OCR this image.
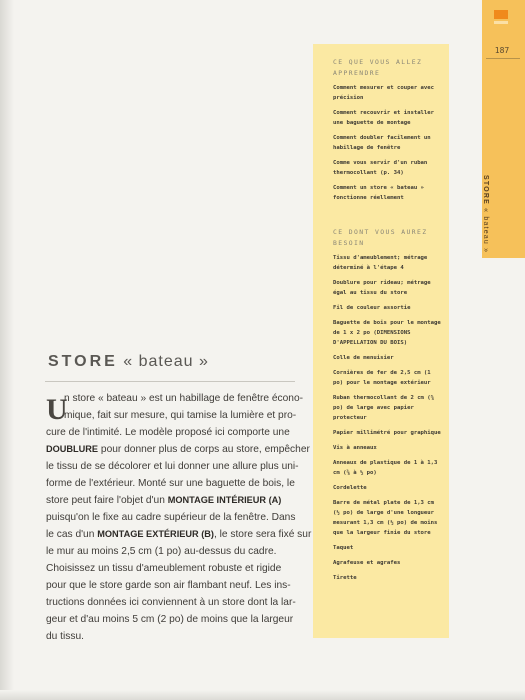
187
STORE « bateau »
CE QUE VOUS ALLEZ APPRENDRE
Comment mesurer et couper avec précision
Comment recouvrir et installer une baguette de montage
Comment doubler facilement un habillage de fenêtre
Comme vous servir d'un ruban thermocollant (p. 34)
Comment un store « bateau » fonctionne réellement
CE DONT VOUS AUREZ BESOIN
Tissu d'ameublement; métrage déterminé à l'étape 4
Doublure pour rideau; métrage égal au tissu du store
Fil de couleur assortie
Baguette de bois pour le montage de 1 x 2 po (DIMENSIONS D'APPELLATION DU BOIS)
Colle de menuisier
Cornières de fer de 2,5 cm (1 po) pour le montage extérieur
Ruban thermocollant de 2 cm (¾ po) de large avec papier protecteur
Papier millimétré pour graphique
Vis à anneaux
Anneaux de plastique de 1 à 1,3 cm (⅜ à ½ po)
Cordelette
Barre de métal plate de 1,3 cm (½ po) de large d'une longueur mesurant 1,3 cm (½ po) de moins que la largeur finie du store
Taquet
Agrafeuse et agrafes
Tirette
STORE « bateau »
U
n store « bateau » est un habillage de fenêtre écono-
mique, fait sur mesure, qui tamise la lumière et pro-
cure de l'intimité. Le modèle proposé ici comporte une
DOUBLURE pour donner plus de corps au store, empêcher
le tissu de se décolorer et lui donner une allure plus uni-
forme de l'extérieur. Monté sur une baguette de bois, le
store peut faire l'objet d'un MONTAGE INTÉRIEUR (A)
puisqu'on le fixe au cadre supérieur de la fenêtre. Dans
le cas d'un MONTAGE EXTÉRIEUR (B), le store sera fixé sur
le mur au moins 2,5 cm (1 po) au-dessus du cadre.
Choisissez un tissu d'ameublement robuste et rigide
pour que le store garde son air flambant neuf. Les ins-
tructions données ici conviennent à un store dont la lar-
geur et d'au moins 5 cm (2 po) de moins que la largeur
du tissu.
